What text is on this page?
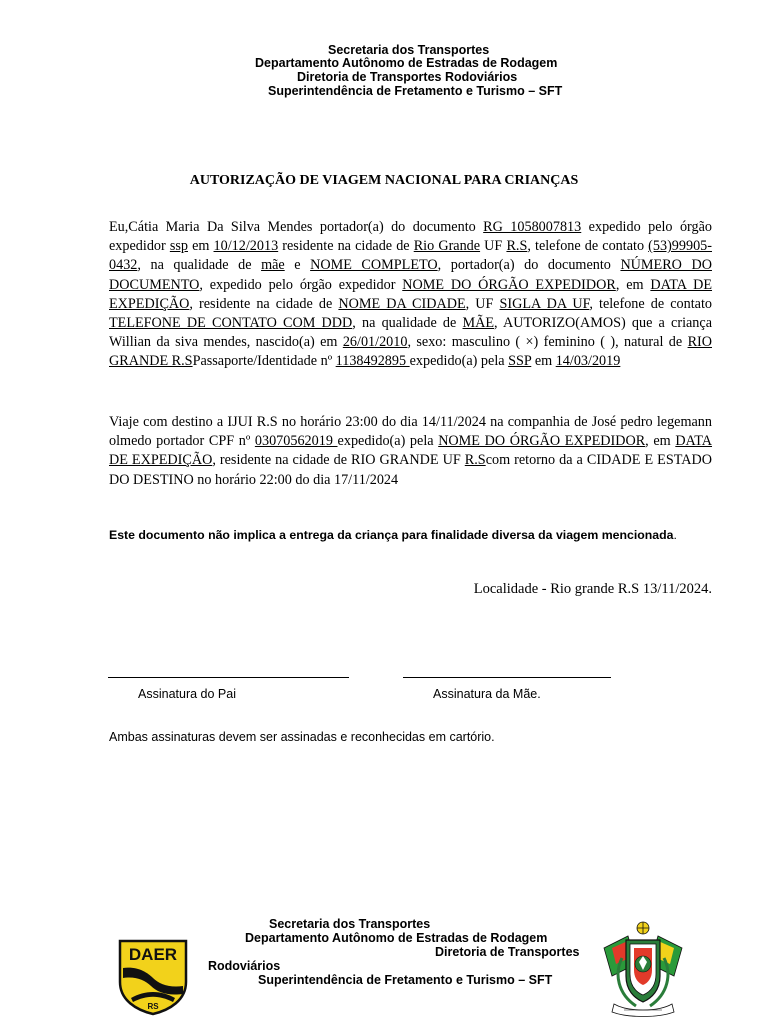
Secretaria dos Transportes
Departamento Autônomo de Estradas de Rodagem
Diretoria de Transportes Rodoviários
Superintendência de Fretamento e Turismo – SFT
AUTORIZAÇÃO DE VIAGEM NACIONAL PARA CRIANÇAS
Eu,Cátia Maria Da Silva Mendes portador(a) do documento RG 1058007813 expedido pelo órgão expedidor ssp em 10/12/2013 residente na cidade de Rio Grande UF R.S, telefone de contato (53)99905-0432, na qualidade de mãe e NOME COMPLETO, portador(a) do documento NÚMERO DO DOCUMENTO, expedido pelo órgão expedidor NOME DO ÓRGÃO EXPEDIDOR, em DATA DE EXPEDIÇÃO, residente na cidade de NOME DA CIDADE, UF SIGLA DA UF, telefone de contato TELEFONE DE CONTATO COM DDD, na qualidade de MÃE, AUTORIZO(AMOS) que a criança Willian da siva mendes, nascido(a) em 26/01/2010, sexo: masculino ( ×) feminino ( ), natural de RIO GRANDE R.SPassaporte/Identidade nº 1138492895 expedido(a) pela SSP em 14/03/2019
Viaje com destino a IJUI R.S no horário 23:00 do dia 14/11/2024 na companhia de José pedro legemann olmedo portador CPF nº 03070562019 expedido(a) pela NOME DO ÓRGÃO EXPEDIDOR, em DATA DE EXPEDIÇÃO, residente na cidade de RIO GRANDE UF R.Scom retorno da a CIDADE E ESTADO DO DESTINO no horário 22:00 do dia 17/11/2024
Este documento não implica a entrega da criança para finalidade diversa da viagem mencionada.
Localidade - Rio grande R.S 13/11/2024.
Assinatura do Pai	Assinatura da Mãe.
Ambas assinaturas devem ser assinadas e reconhecidas em cartório.
Secretaria dos Transportes
Departamento Autônomo de Estradas de Rodagem
Diretoria de Transportes
Rodoviários
Superintendência de Fretamento e Turismo – SFT
DAER
RS
